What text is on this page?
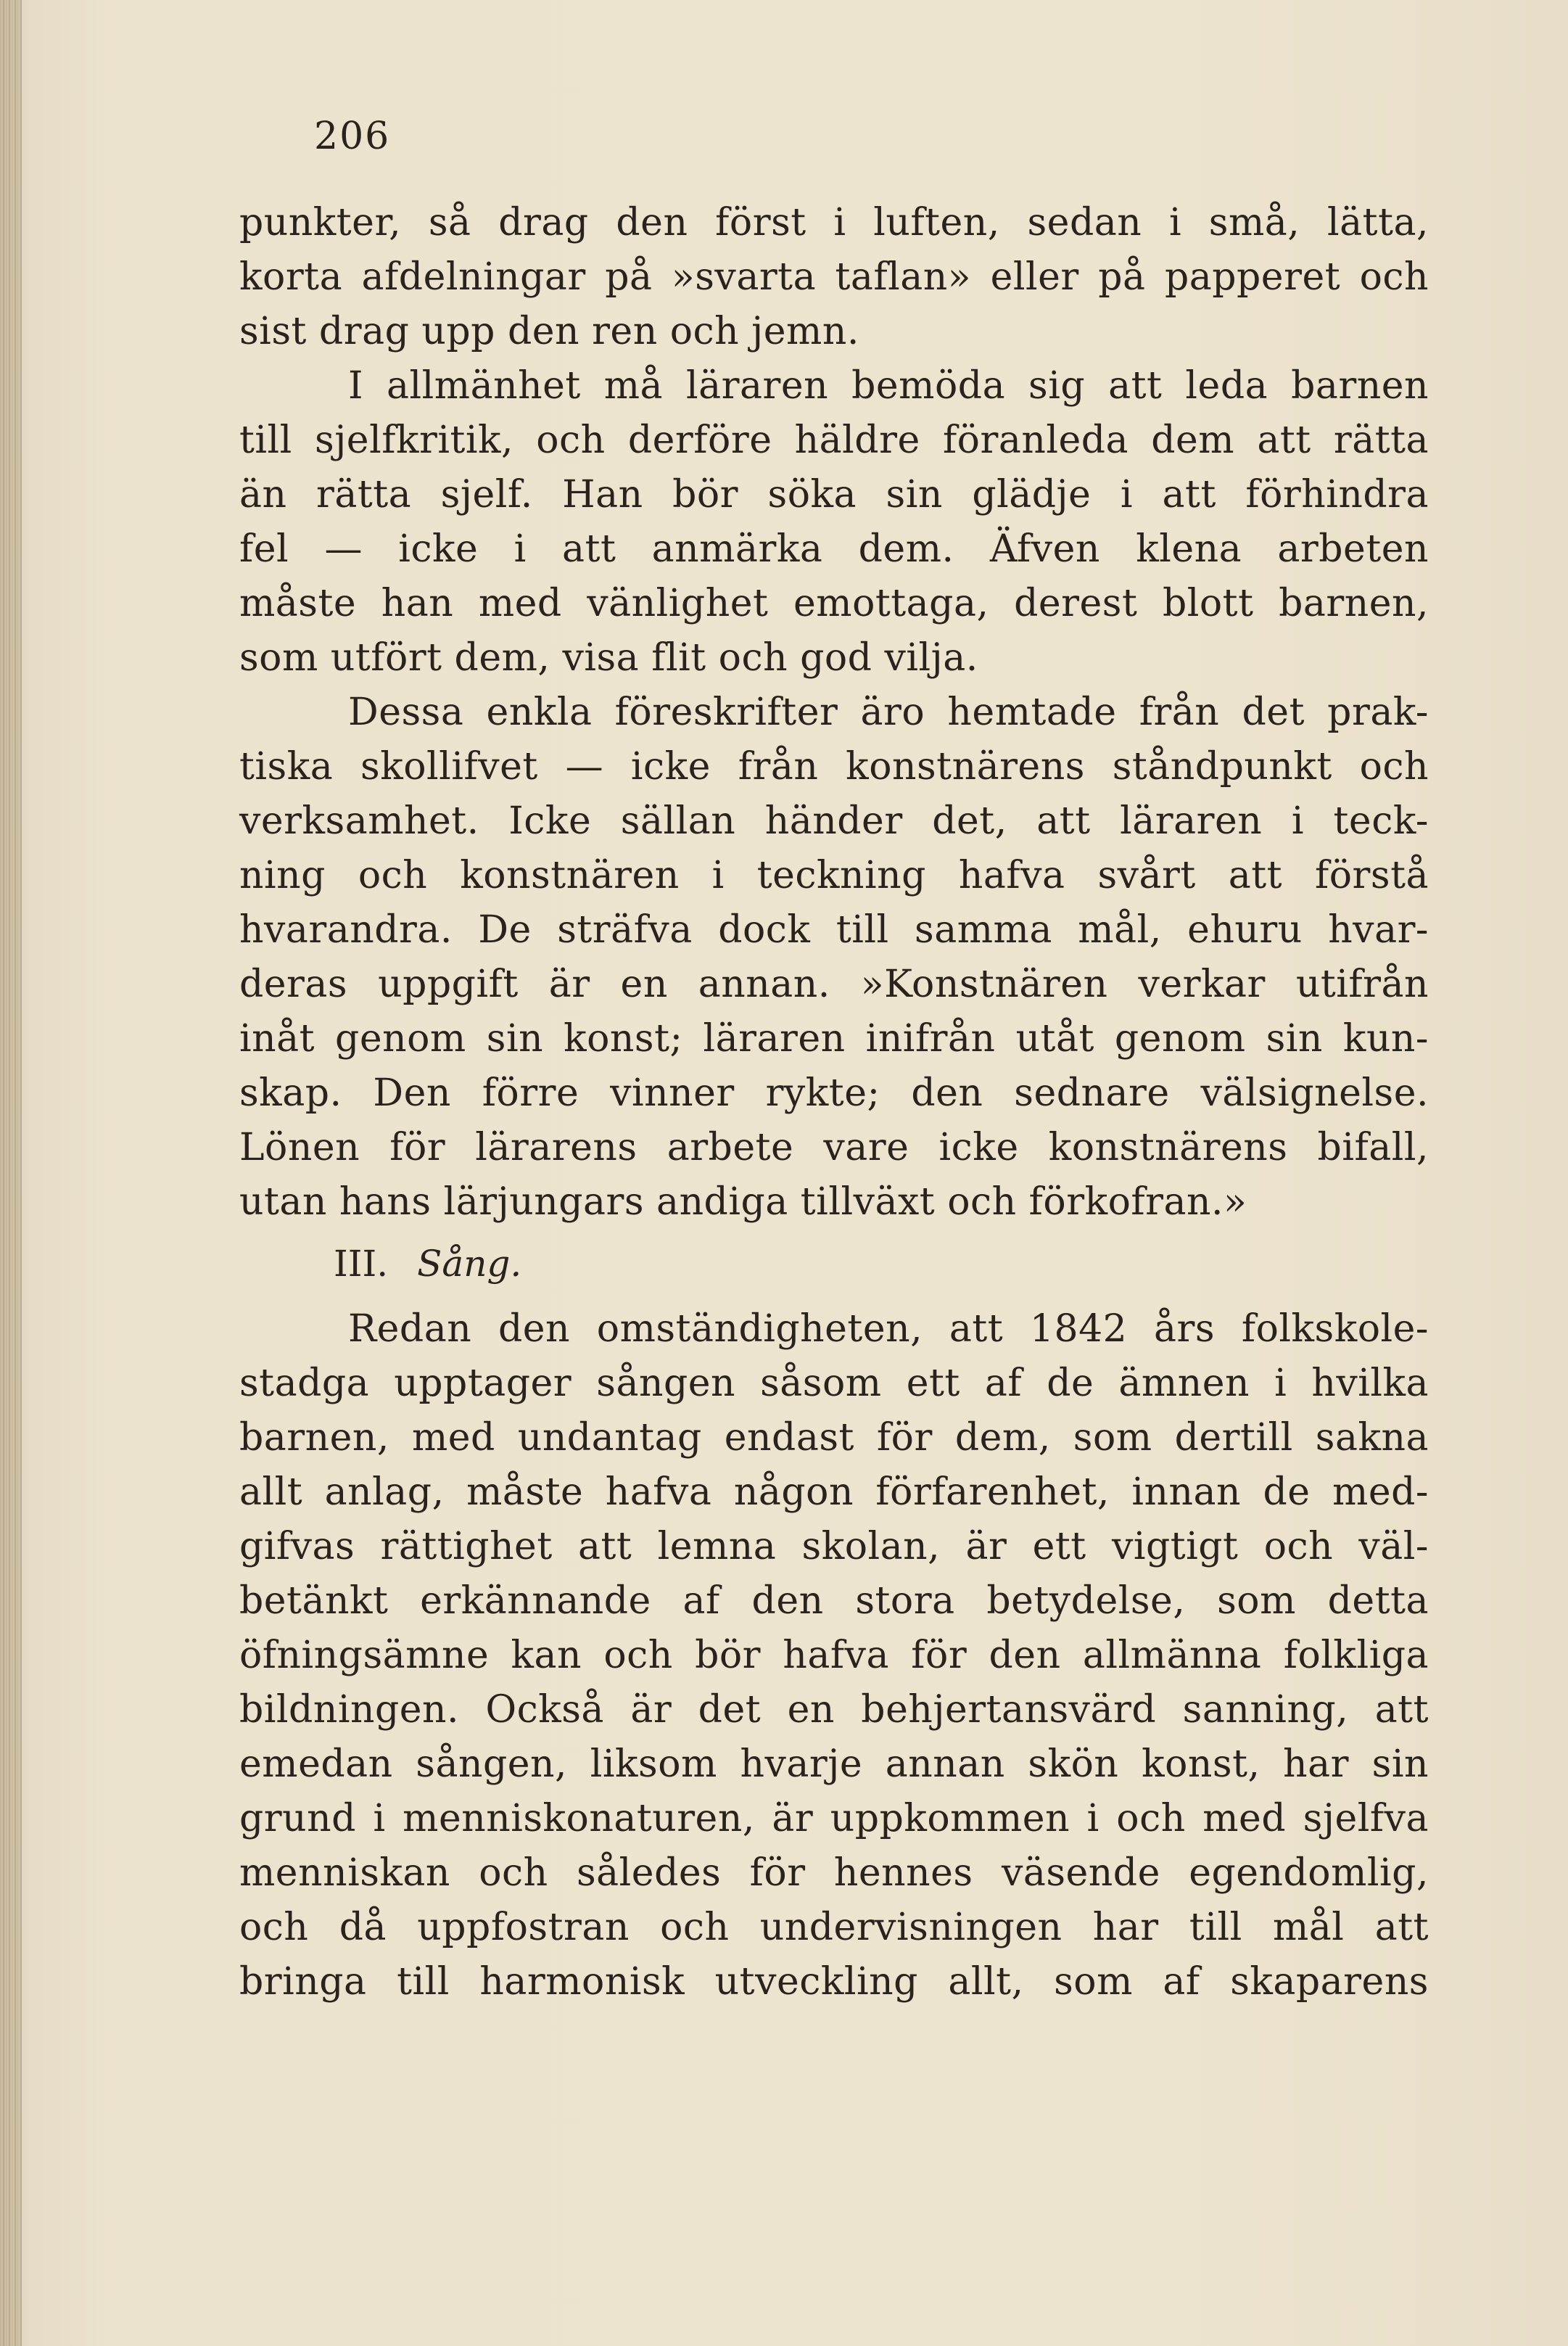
206
punkter, så drag den först i luften, sedan i små, lätta,
korta afdelningar på »svarta taflan» eller på papperet och
sist drag upp den ren och jemn.
I allmänhet må läraren bemöda sig att leda barnen
till sjelfkritik, och derföre häldre föranleda dem att rätta
än rätta sjelf. Han bör söka sin glädje i att förhindra
fel — icke i att anmärka dem. Äfven klena arbeten
måste han med vänlighet emottaga, derest blott barnen,
som utfört dem, visa flit och god vilja.
Dessa enkla föreskrifter äro hemtade från det prak-
tiska skollifvet — icke från konstnärens ståndpunkt och
verksamhet. Icke sällan händer det, att läraren i teck-
ning och konstnären i teckning hafva svårt att förstå
hvarandra. De sträfva dock till samma mål, ehuru hvar-
deras uppgift är en annan. »Konstnären verkar utifrån
inåt genom sin konst; läraren inifrån utåt genom sin kun-
skap. Den förre vinner rykte; den sednare välsignelse.
Lönen för lärarens arbete vare icke konstnärens bifall,
utan hans lärjungars andiga tillväxt och förkofran.»
III. Sång.
Redan den omständigheten, att 1842 års folkskole-
stadga upptager sången såsom ett af de ämnen i hvilka
barnen, med undantag endast för dem, som dertill sakna
allt anlag, måste hafva någon förfarenhet, innan de med-
gifvas rättighet att lemna skolan, är ett vigtigt och väl-
betänkt erkännande af den stora betydelse, som detta
öfningsämne kan och bör hafva för den allmänna folkliga
bildningen. Också är det en behjertansvärd sanning, att
emedan sången, liksom hvarje annan skön konst, har sin
grund i menniskonaturen, är uppkommen i och med sjelfva
menniskan och således för hennes väsende egendomlig,
och då uppfostran och undervisningen har till mål att
bringa till harmonisk utveckling allt, som af skaparens
